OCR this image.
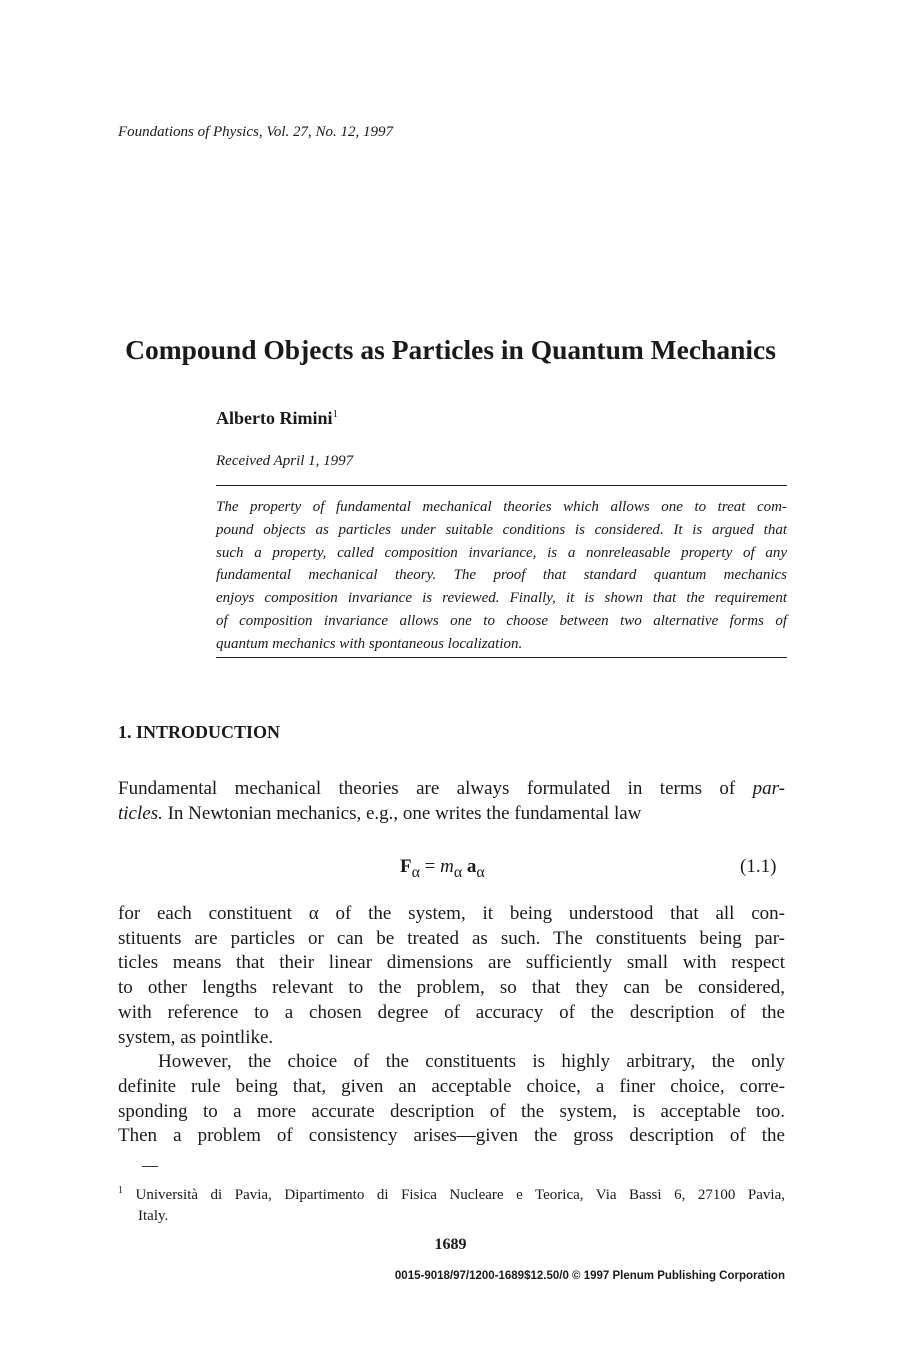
Foundations of Physics, Vol. 27, No. 12, 1997
Compound Objects as Particles in Quantum Mechanics
Alberto Rimini$^1$
Received April 1, 1997
The property of fundamental mechanical theories which allows one to treat com-
pound objects as particles under suitable conditions is considered. It is argued that
such a property, called composition invariance, is a nonreleasable property of any
fundamental mechanical theory. The proof that standard quantum mechanics
enjoys composition invariance is reviewed. Finally, it is shown that the requirement
of composition invariance allows one to choose between two alternative forms of
quantum mechanics with spontaneous localization.
1. INTRODUCTION
Fundamental mechanical theories are always formulated in terms of par-
ticles. In Newtonian mechanics, e.g., one writes the fundamental law
$F_\alpha = m_\alpha$ $a_\alpha$	(1.1)
for each constituent α of the system, it being understood that all con-
stituents are particles or can be treated as such. The constituents being par-
ticles means that their linear dimensions are sufficiently small with respect
to other lengths relevant to the problem, so that they can be considered,
with reference to a chosen degree of accuracy of the description of the
system, as pointlike.
However, the choice of the constituents is highly arbitrary, the only
definite rule being that, given an acceptable choice, a finer choice, corre-
sponding to a more accurate description of the system, is acceptable too.
Then a problem of consistency arises—given the gross description of the
$^1$ Università di Pavia, Dipartimento di Fisica Nucleare e Teorica, Via Bassi 6, 27100 Pavia,
Italy.
1689
0015-9018/97/1200-1689$12.50/0 © 1997 Plenum Publishing Corporation
